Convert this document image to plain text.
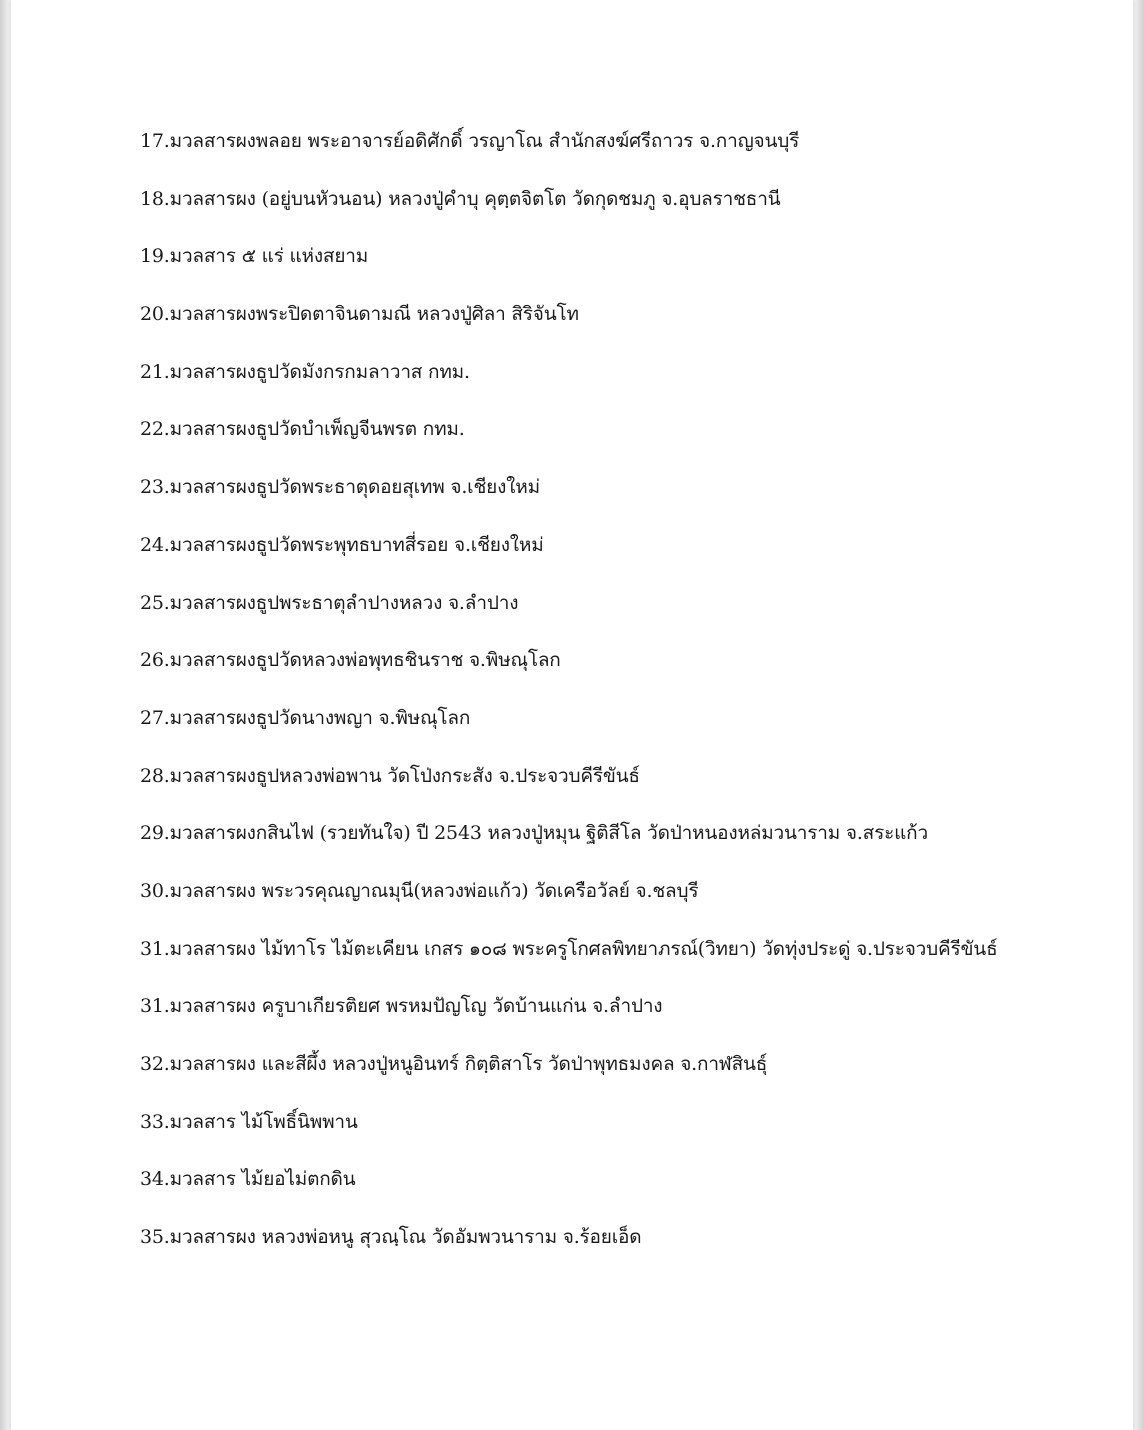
17.มวลสารผงพลอย พระอาจารย์อดิศักดิ์ วรญาโณ สำนักสงฆ์ศรีถาวร จ.กาญจนบุรี
18.มวลสารผง (อยู่บนหัวนอน) หลวงปู่คำบุ คุตฺตจิตโต วัดกุดชมภู จ.อุบลราชธานี
19.มวลสาร ๕ แร่ แห่งสยาม
20.มวลสารผงพระปิดตาจินดามณี หลวงปู่ศิลา สิริจันโท
21.มวลสารผงธูปวัดมังกรกมลาวาส กทม.
22.มวลสารผงธูปวัดบำเพ็ญจีนพรต กทม.
23.มวลสารผงธูปวัดพระธาตุดอยสุเทพ จ.เชียงใหม่
24.มวลสารผงธูปวัดพระพุทธบาทสี่รอย จ.เชียงใหม่
25.มวลสารผงธูปพระธาตุลำปางหลวง จ.ลำปาง
26.มวลสารผงธูปวัดหลวงพ่อพุทธชินราช จ.พิษณุโลก
27.มวลสารผงธูปวัดนางพญา จ.พิษณุโลก
28.มวลสารผงธูปหลวงพ่อพาน วัดโป่งกระสัง จ.ประจวบคีรีขันธ์
29.มวลสารผงกสินไฟ (รวยทันใจ) ปี 2543 หลวงปู่หมุน ฐิติสีโล วัดป่าหนองหล่มวนาราม จ.สระแก้ว
30.มวลสารผง พระวรคุณญาณมุนี(หลวงพ่อแก้ว) วัดเครือวัลย์ จ.ชลบุรี
31.มวลสารผง ไม้ทาโร ไม้ตะเคียน เกสร ๑๐๘ พระครูโกศลพิทยาภรณ์(วิทยา) วัดทุ่งประดู่ จ.ประจวบคีรีขันธ์
31.มวลสารผง ครูบาเกียรติยศ พรหมปัญโญ วัดบ้านแก่น จ.ลำปาง
32.มวลสารผง และสีผึ้ง หลวงปู่หนูอินทร์ กิตฺติสาโร วัดป่าพุทธมงคล จ.กาฬสินธุ์
33.มวลสาร ไม้โพธิ์นิพพาน
34.มวลสาร ไม้ยอไม่ตกดิน
35.มวลสารผง หลวงพ่อหนู สุวณฺโณ วัดอัมพวนาราม จ.ร้อยเอ็ด
